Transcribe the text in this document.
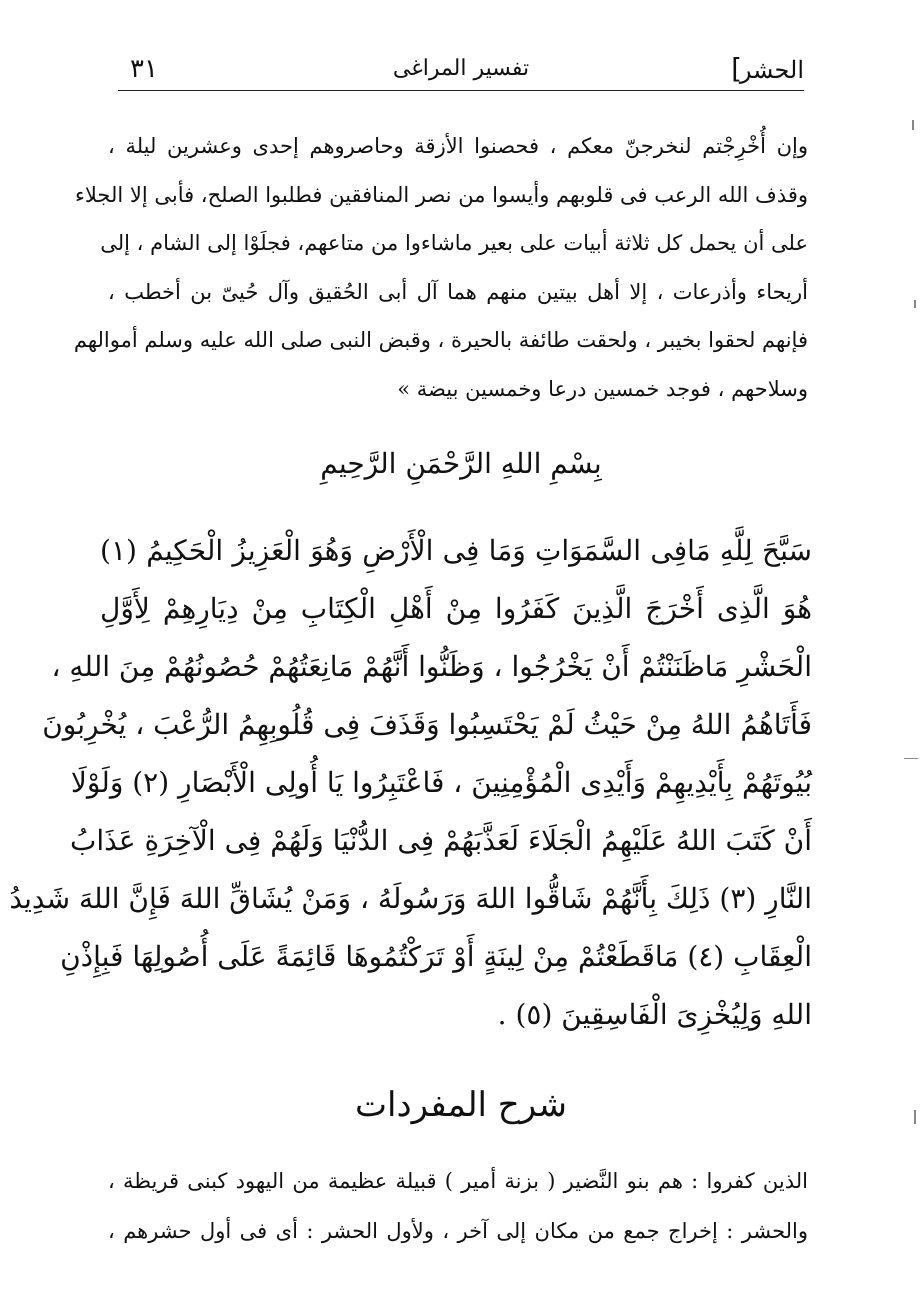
الحشر
]
تفسير المراغى
٣١
وإن أُخْرِجْتم لنخرجنّ معكم ، فحصنوا الأزقة وحاصروهم إحدى وعشرين ليلة ،
وقذف الله الرعب فى قلوبهم وأيسوا من نصر المنافقين فطلبوا الصلح، فأبى إلا الجلاء
على أن يحمل كل ثلاثة أبيات على بعير ماشاءوا من متاعهم، فجلَوْا إلى الشام ، إلى
أريحاء وأذرعات ، إلا أهل بيتين منهم هما آل أبى الحُقيق وآل حُيىّ بن أخطب ،
فإنهم لحقوا بخيبر ، ولحقت طائفة بالحيرة ، وقبض النبى صلى الله عليه وسلم أموالهم
وسلاحهم ، فوجد خمسين درعا وخمسين بيضة »
بِسْمِ اللهِ الرَّحْمَنِ الرَّحِيمِ
سَبَّحَ لِلَّهِ مَافِى السَّمَوَاتِ وَمَا فِى الْأَرْضِ وَهُوَ الْعَزِيزُ الْحَكِيمُ (١)
هُوَ الَّذِى أَخْرَجَ الَّذِينَ كَفَرُوا مِنْ أَهْلِ الْكِتَابِ مِنْ دِيَارِهِمْ لِأَوَّلِ
الْحَشْرِ مَاظَنَنْتُمْ أَنْ يَخْرُجُوا ، وَظَنُّوا أَنَّهُمْ مَانِعَتُهُمْ حُصُونُهُمْ مِنَ اللهِ ،
فَأَتَاهُمُ اللهُ مِنْ حَيْثُ لَمْ يَحْتَسِبُوا وَقَذَفَ فِى قُلُوبِهِمُ الرُّعْبَ ، يُخْرِبُونَ
بُيُوتَهُمْ بِأَيْدِيهِمْ وَأَيْدِى الْمُؤْمِنِينَ ، فَاعْتَبِرُوا يَا أُولِى الْأَبْصَارِ (٢) وَلَوْلَا
أَنْ كَتَبَ اللهُ عَلَيْهِمُ الْجَلَاءَ لَعَذَّبَهُمْ فِى الدُّنْيَا وَلَهُمْ فِى الْآخِرَةِ عَذَابُ
النَّارِ (٣) ذَلِكَ بِأَنَّهُمْ شَاقُّوا اللهَ وَرَسُولَهُ ، وَمَنْ يُشَاقِّ اللهَ فَإِنَّ اللهَ شَدِيدُ
الْعِقَابِ (٤) مَاقَطَعْتُمْ مِنْ لِينَةٍ أَوْ تَرَكْتُمُوهَا قَائِمَةً عَلَى أُصُولِهَا فَبِإِذْنِ
اللهِ وَلِيُخْزِىَ الْفَاسِقِينَ (٥) .
شرح المفردات
الذين كفروا : هم بنو النَّضير ( بزنة أمير ) قبيلة عظيمة من اليهود كبنى قريظة ،
والحشر : إخراج جمع من مكان إلى آخر ، ولأول الحشر : أى فى أول حشرهم ،
